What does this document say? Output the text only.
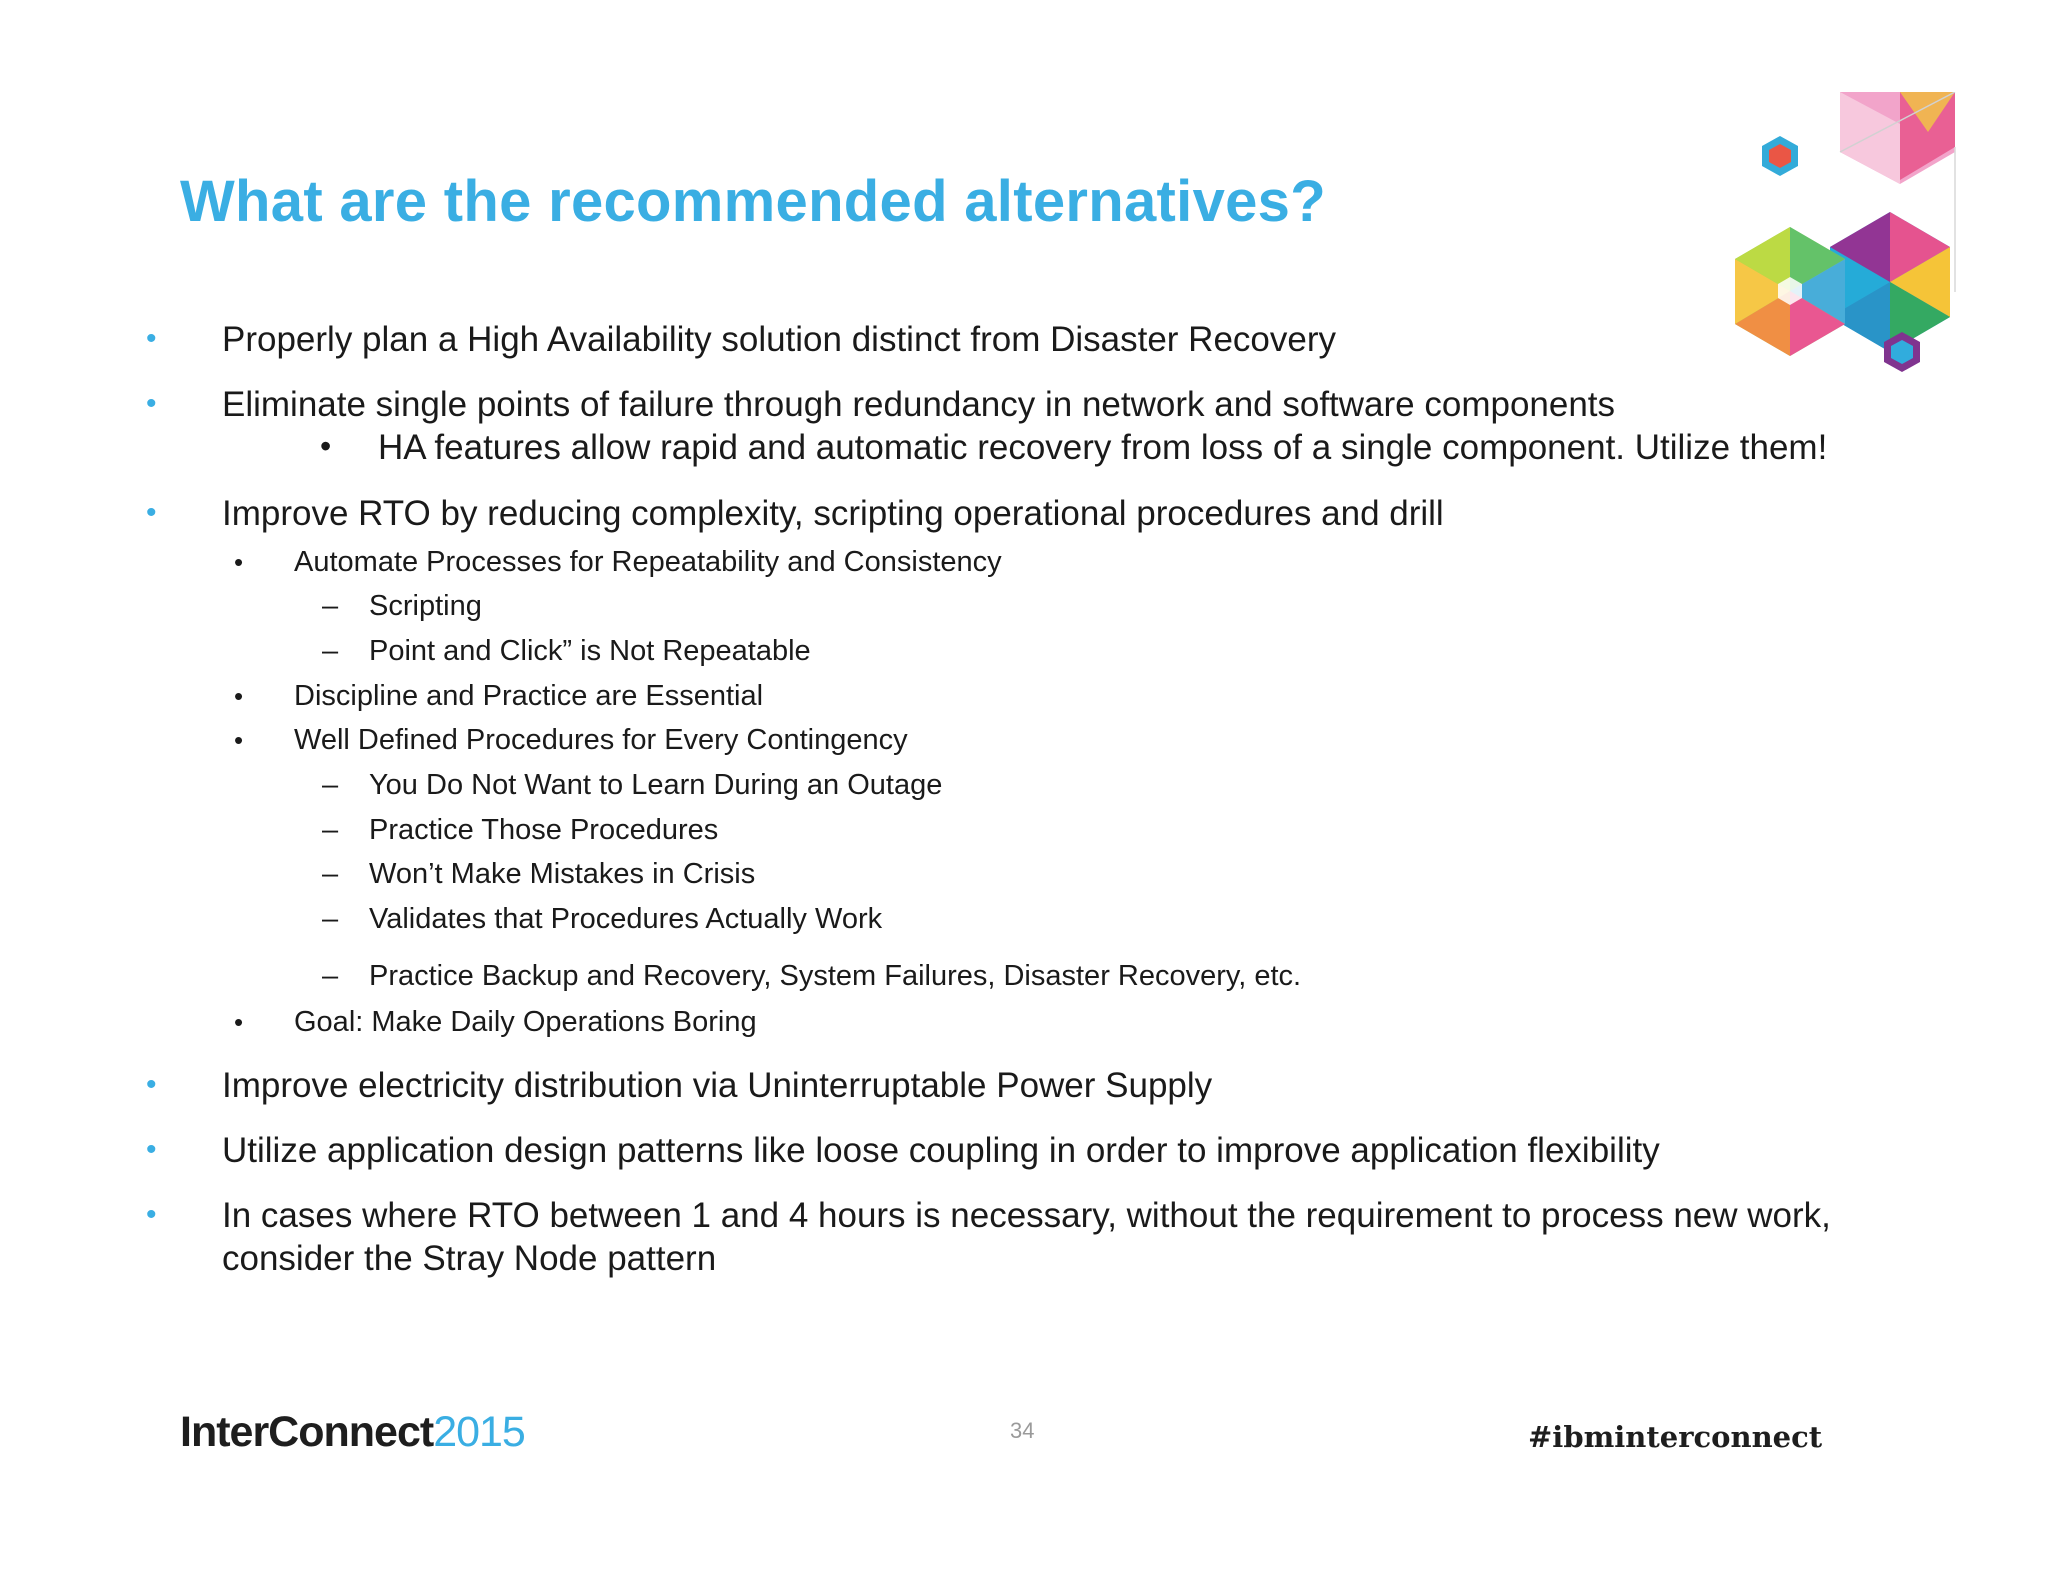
What are the recommended alternatives?
• Properly plan a High Availability solution distinct from Disaster Recovery
• Eliminate single points of failure through redundancy in network and software components
• HA features allow rapid and automatic recovery from loss of a single component. Utilize them!
• Improve RTO by reducing complexity, scripting operational procedures and drill
• Automate Processes for Repeatability and Consistency
– Scripting
– Point and Click” is Not Repeatable
• Discipline and Practice are Essential
• Well Defined Procedures for Every Contingency
– You Do Not Want to Learn During an Outage
– Practice Those Procedures
– Won’t Make Mistakes in Crisis
– Validates that Procedures Actually Work
– Practice Backup and Recovery, System Failures, Disaster Recovery, etc.
• Goal: Make Daily Operations Boring
• Improve electricity distribution via Uninterruptable Power Supply
• Utilize application design patterns like loose coupling in order to improve application flexibility
• In cases where RTO between 1 and 4 hours is necessary, without the requirement to process new work,
consider the Stray Node pattern
InterConnect2015	34	#ibminterconnect
